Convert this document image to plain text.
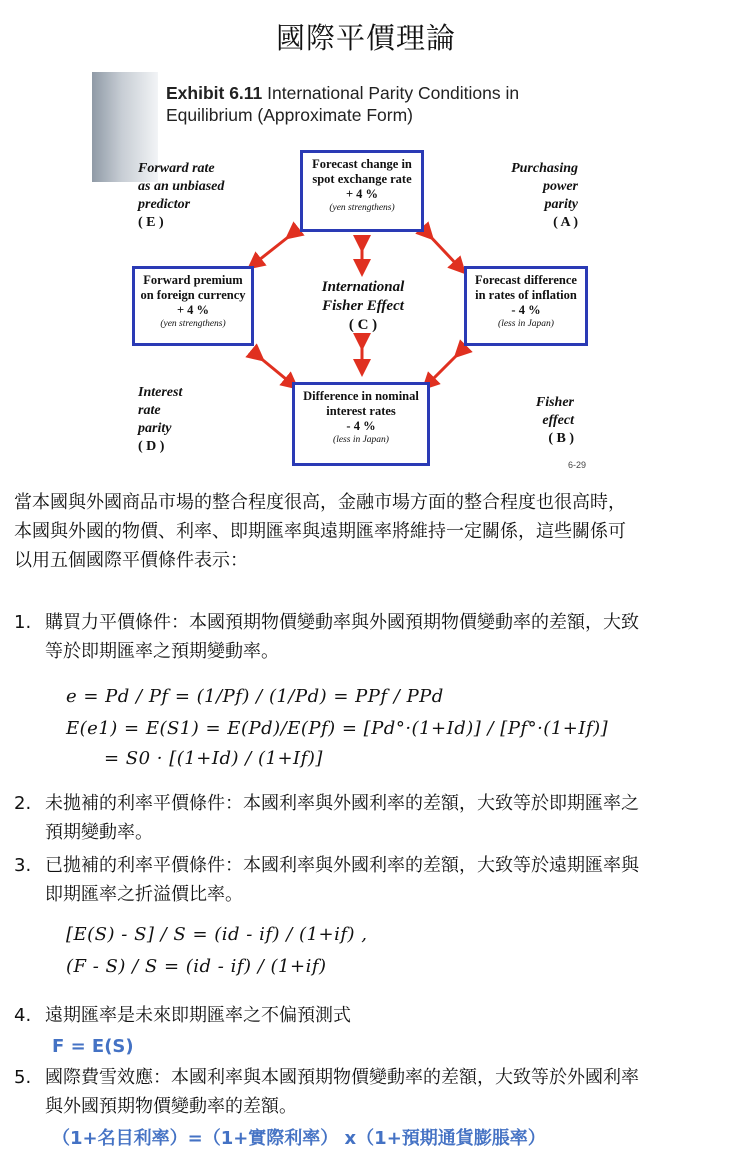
國際平價理論
Exhibit 6.11 International Parity Conditions in
Equilibrium (Approximate Form)
Forecast change in
spot exchange rate
+ 4 %
(yen strengthens)
Forward premium
on foreign currency
+ 4 %
(yen strengthens)
Forecast difference
in rates of inflation
- 4 %
(less in Japan)
Difference in nominal
interest rates
- 4 %
(less in Japan)
International
Fisher Effect
( C )
Forward rate
as an unbiased
predictor
( E )
Purchasing
power
parity
( A )
Interest
rate
parity
( D )
Fisher
effect
( B )
6-29
當本國與外國商品市場的整合程度很高，金融市場方面的整合程度也很高時，
本國與外國的物價、利率、即期匯率與遠期匯率將維持一定關係，這些關係可
以用五個國際平價條件表示：
1. 購買力平價條件：本國預期物價變動率與外國預期物價變動率的差額，大致
等於即期匯率之預期變動率。
e = Pd / Pf = (1/Pf) / (1/Pd) = PPf / PPd
E(e1) = E(S1) = E(Pd)/E(Pf) = [Pd°·(1+Id)] / [Pf°·(1+If)]
= S0 · [(1+Id) / (1+If)]
2. 未拋補的利率平價條件：本國利率與外國利率的差額，大致等於即期匯率之
預期變動率。
3. 已拋補的利率平價條件：本國利率與外國利率的差額，大致等於遠期匯率與
即期匯率之折溢價比率。
[E(S) - S] / S = (id - if) / (1+if) ,
(F - S) / S = (id - if) / (1+if)
4. 遠期匯率是未來即期匯率之不偏預測式
F = E(S)
5. 國際費雪效應：本國利率與本國預期物價變動率的差額，大致等於外國利率
與外國預期物價變動率的差額。
（1+名目利率）=（1+實際利率） x（1+預期通貨膨脹率）
